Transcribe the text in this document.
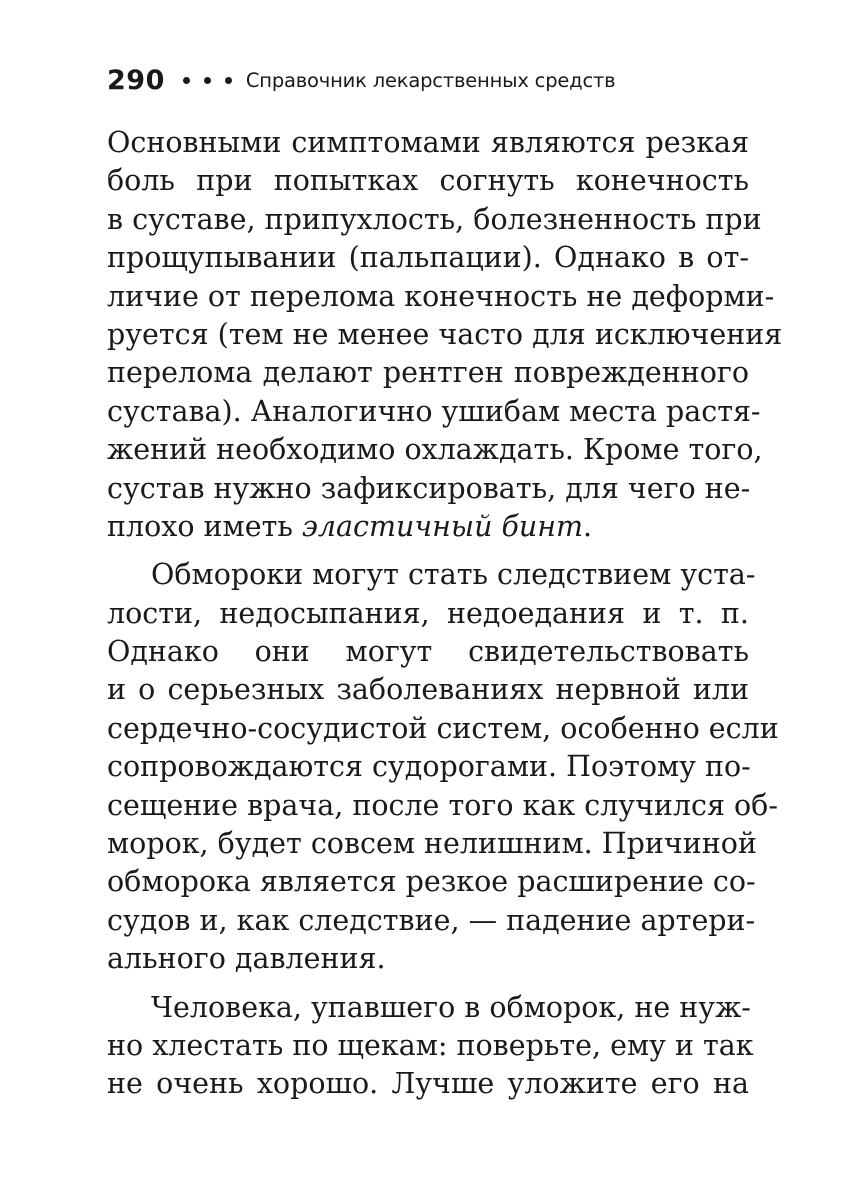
290	Справочник лекарственных средств
Основными симптомами являются резкая
боль при попытках согнуть конечность
в суставе, припухлость, болезненность при
прощупывании (пальпации). Однако в от-
личие от перелома конечность не деформи-
руется (тем не менее часто для исключения
перелома делают рентген поврежденного
сустава). Аналогично ушибам места растя-
жений необходимо охлаждать. Кроме того,
сустав нужно зафиксировать, для чего не-
плохо иметь эластичный бинт.
Обмороки могут стать следствием уста-
лости, недосыпания, недоедания и т. п.
Однако они могут свидетельствовать
и о серьезных заболеваниях нервной или
сердечно-сосудистой систем, особенно если
сопровождаются судорогами. Поэтому по-
сещение врача, после того как случился об-
морок, будет совсем нелишним. Причиной
обморока является резкое расширение со-
судов и, как следствие, — падение артери-
ального давления.
Человека, упавшего в обморок, не нуж-
но хлестать по щекам: поверьте, ему и так
не очень хорошо. Лучше уложите его на
